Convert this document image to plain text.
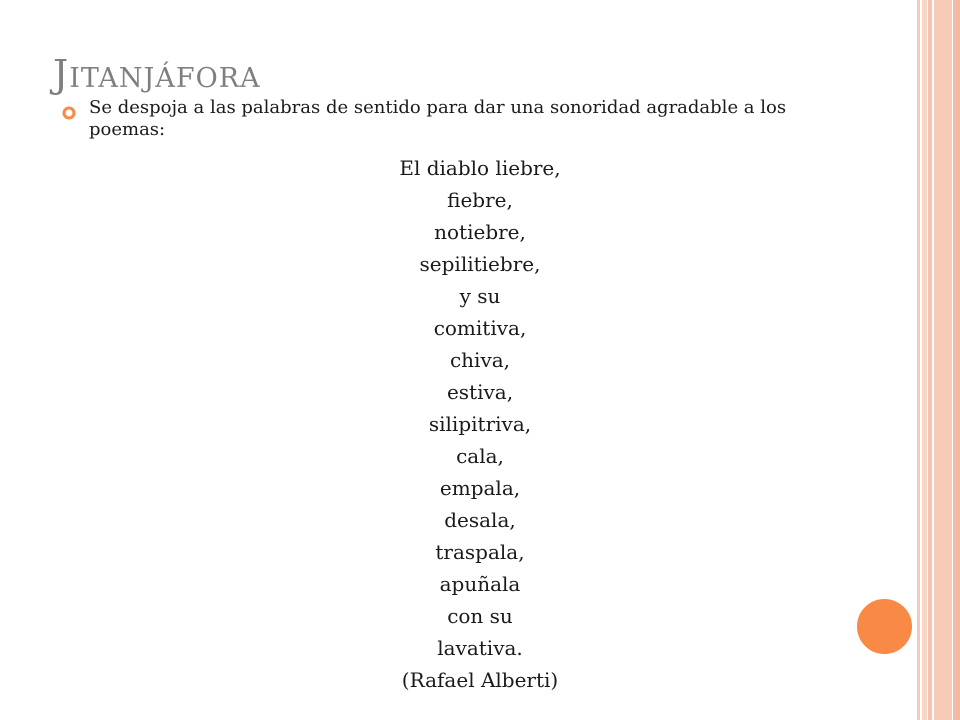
Jitanjáfora
Se despoja a las palabras de sentido para dar una sonoridad agradable a los poemas:
El diablo liebre,
fiebre,
notiebre,
sepilitiebre,
y su
comitiva,
chiva,
estiva,
silipitriva,
cala,
empala,
desala,
traspala,
apuñala
con su
lavativa.
(Rafael Alberti)
